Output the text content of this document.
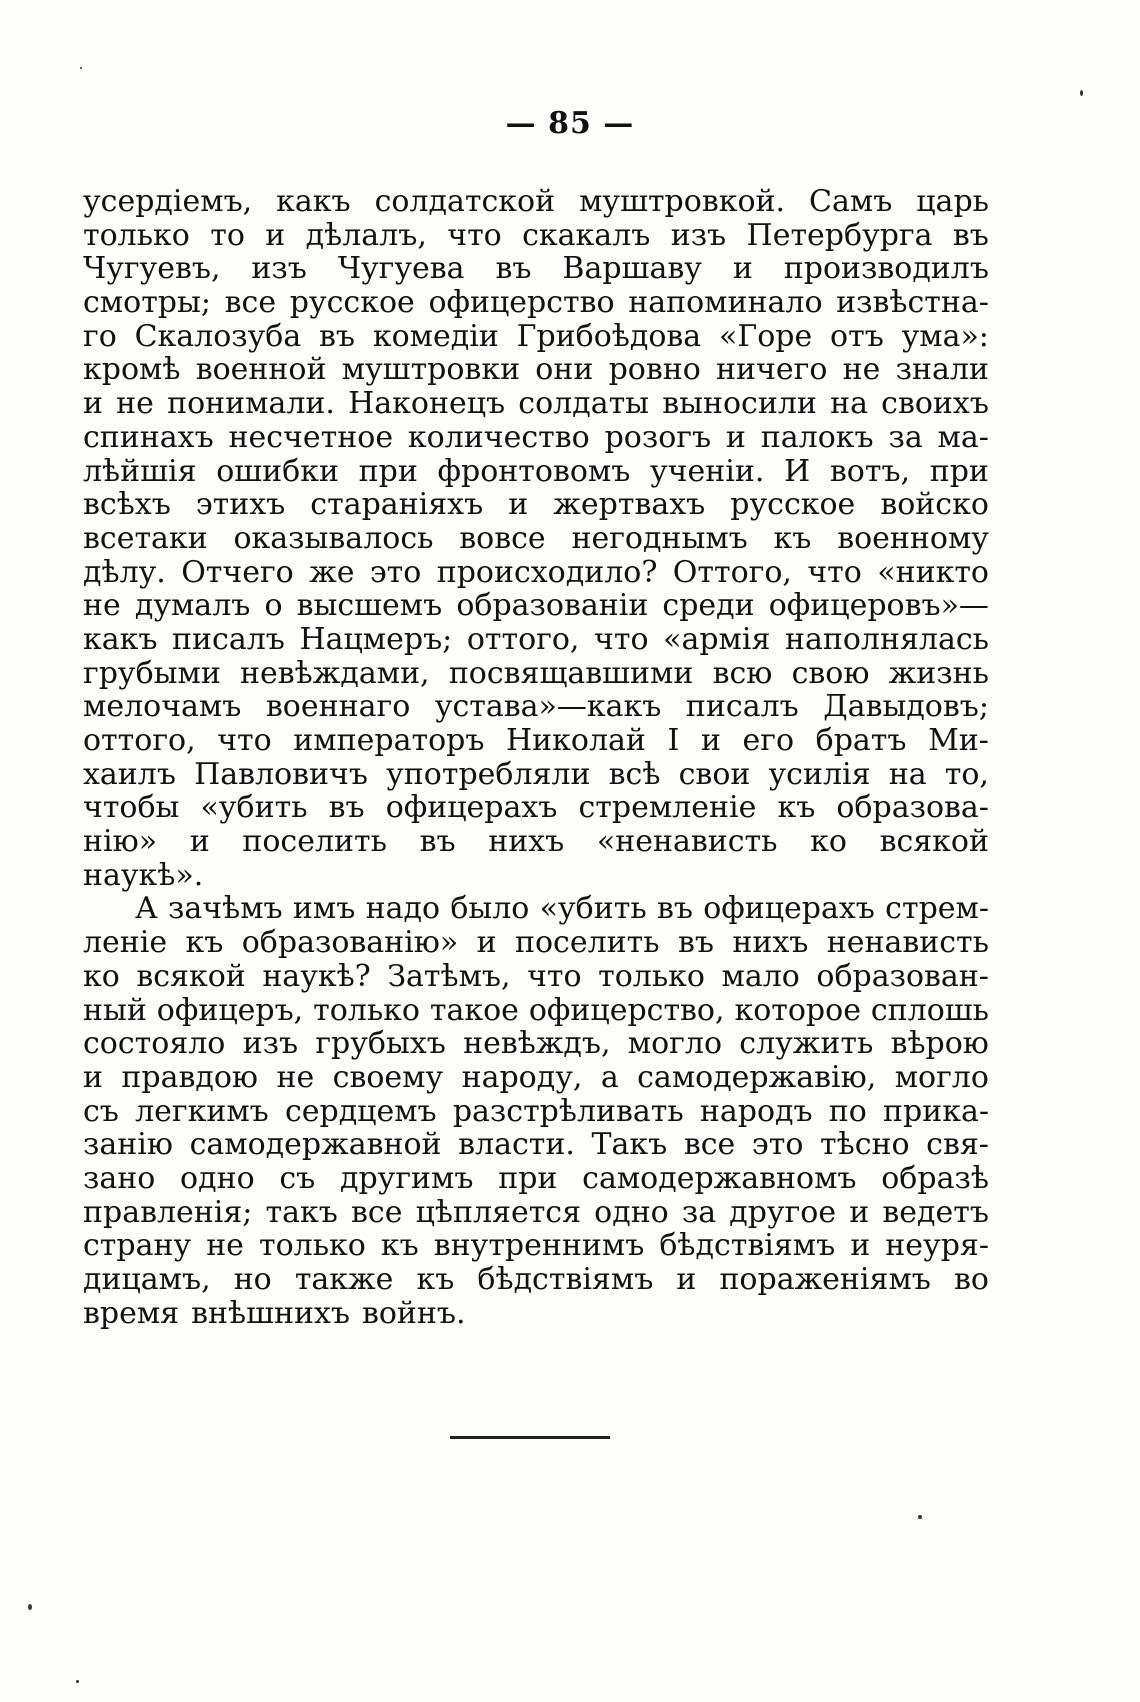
— 85 —
усердіемъ, какъ солдатской муштровкой. Самъ царь
только то и дѣлалъ, что скакалъ изъ Петербурга въ
Чугуевъ, изъ Чугуева въ Варшаву и производилъ
смотры; все русское офицерство напоминало извѣстна-
го Скалозуба въ комедіи Грибоѣдова «Горе отъ ума»:
кромѣ военной муштровки они ровно ничего не знали
и не понимали. Наконецъ солдаты выносили на своихъ
спинахъ несчетное количество розогъ и палокъ за ма-
лѣйшія ошибки при фронтовомъ ученіи. И вотъ, при
всѣхъ этихъ стараніяхъ и жертвахъ русское войско
всетаки оказывалось вовсе негоднымъ къ военному
дѣлу. Отчего же это происходило? Оттого, что «никто
не думалъ о высшемъ образованіи среди офицеровъ»—
какъ писалъ Нацмеръ; оттого, что «армія наполнялась
грубыми невѣждами, посвящавшими всю свою жизнь
мелочамъ военнаго устава»—какъ писалъ Давыдовъ;
оттого, что императоръ Николай I и его братъ Ми-
хаилъ Павловичъ употребляли всѣ свои усилія на то,
чтобы «убить въ офицерахъ стремленіе къ образова-
нію» и поселить въ нихъ «ненависть ко всякой
наукѣ».
А зачѣмъ имъ надо было «убить въ офицерахъ стрем-
леніе къ образованію» и поселить въ нихъ ненависть
ко всякой наукѣ? Затѣмъ, что только мало образован-
ный офицеръ, только такое офицерство, которое сплошь
состояло изъ грубыхъ невѣждъ, могло служить вѣрою
и правдою не своему народу, а самодержавію, могло
съ легкимъ сердцемъ разстрѣливать народъ по прика-
занію самодержавной власти. Такъ все это тѣсно свя-
зано одно съ другимъ при самодержавномъ образѣ
правленія; такъ все цѣпляется одно за другое и ведетъ
страну не только къ внутреннимъ бѣдствіямъ и неуря-
дицамъ, но также къ бѣдствіямъ и пораженіямъ во
время внѣшнихъ войнъ.
